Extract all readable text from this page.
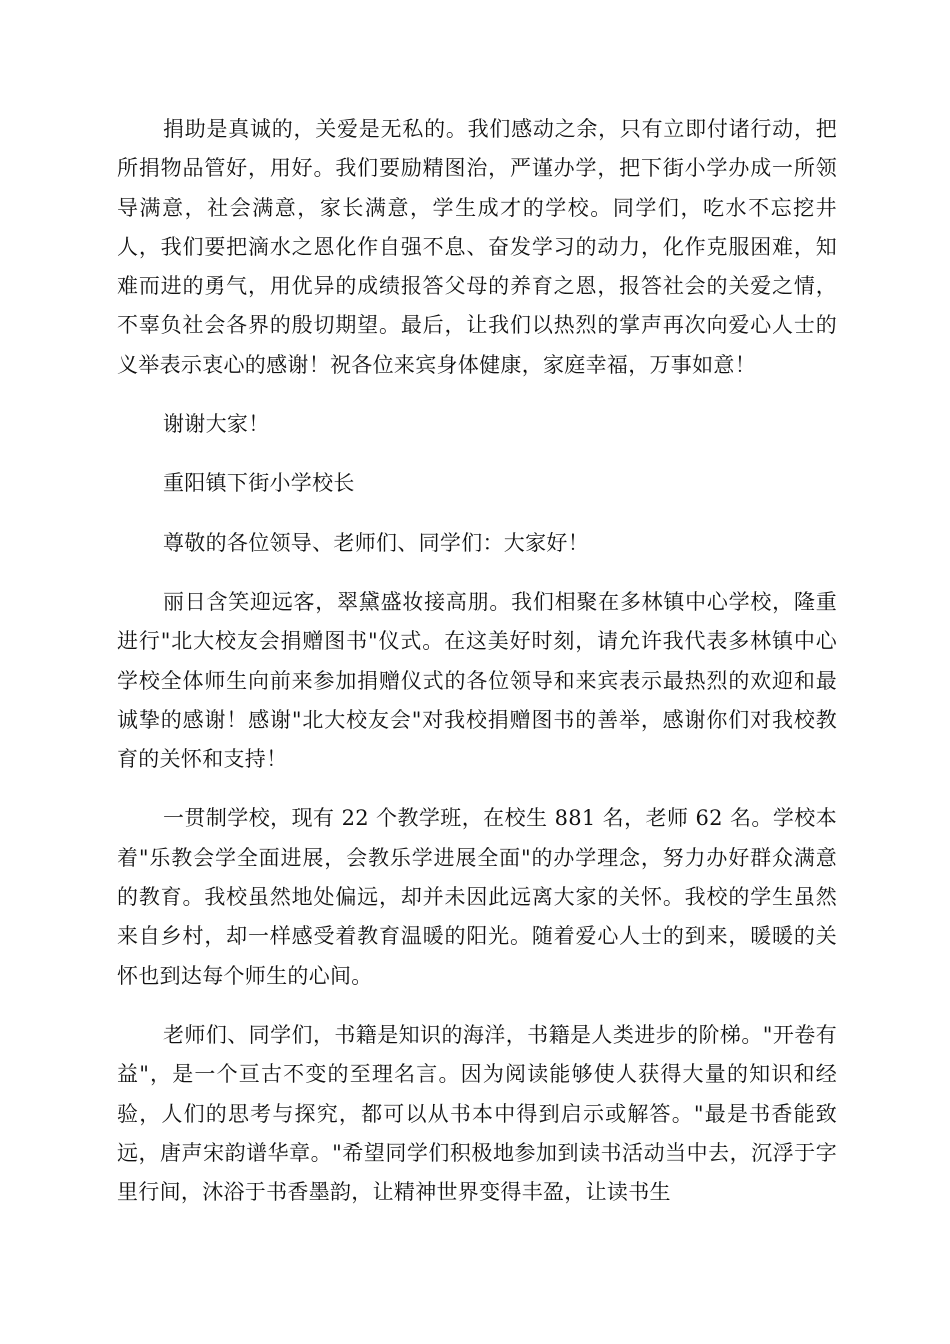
捐助是真诚的，关爱是无私的。我们感动之余，只有立即付诸行动，把所捐物品管好，用好。我们要励精图治，严谨办学，把下街小学办成一所领导满意，社会满意，家长满意，学生成才的学校。同学们，吃水不忘挖井人，我们要把滴水之恩化作自强不息、奋发学习的动力，化作克服困难，知难而进的勇气，用优异的成绩报答父母的养育之恩，报答社会的关爱之情，不辜负社会各界的殷切期望。最后，让我们以热烈的掌声再次向爱心人士的义举表示衷心的感谢！祝各位来宾身体健康，家庭幸福，万事如意！

谢谢大家！

重阳镇下街小学校长

尊敬的各位领导、老师们、同学们：大家好！

丽日含笑迎远客，翠黛盛妆接高朋。我们相聚在多林镇中心学校，隆重进行"北大校友会捐赠图书"仪式。在这美好时刻，请允许我代表多林镇中心学校全体师生向前来参加捐赠仪式的各位领导和来宾表示最热烈的欢迎和最诚挚的感谢！感谢"北大校友会"对我校捐赠图书的善举，感谢你们对我校教育的关怀和支持！

一贯制学校，现有 22 个教学班，在校生 881 名，老师 62 名。学校本着"乐教会学全面进展，会教乐学进展全面"的办学理念，努力办好群众满意的教育。我校虽然地处偏远，却并未因此远离大家的关怀。我校的学生虽然来自乡村，却一样感受着教育温暖的阳光。随着爱心人士的到来，暖暖的关怀也到达每个师生的心间。

老师们、同学们，书籍是知识的海洋，书籍是人类进步的阶梯。"开卷有益"，是一个亘古不变的至理名言。因为阅读能够使人获得大量的知识和经验，人们的思考与探究，都可以从书本中得到启示或解答。"最是书香能致远，唐声宋韵谱华章。"希望同学们积极地参加到读书活动当中去，沉浮于字里行间，沐浴于书香墨韵，让精神世界变得丰盈，让读书生
